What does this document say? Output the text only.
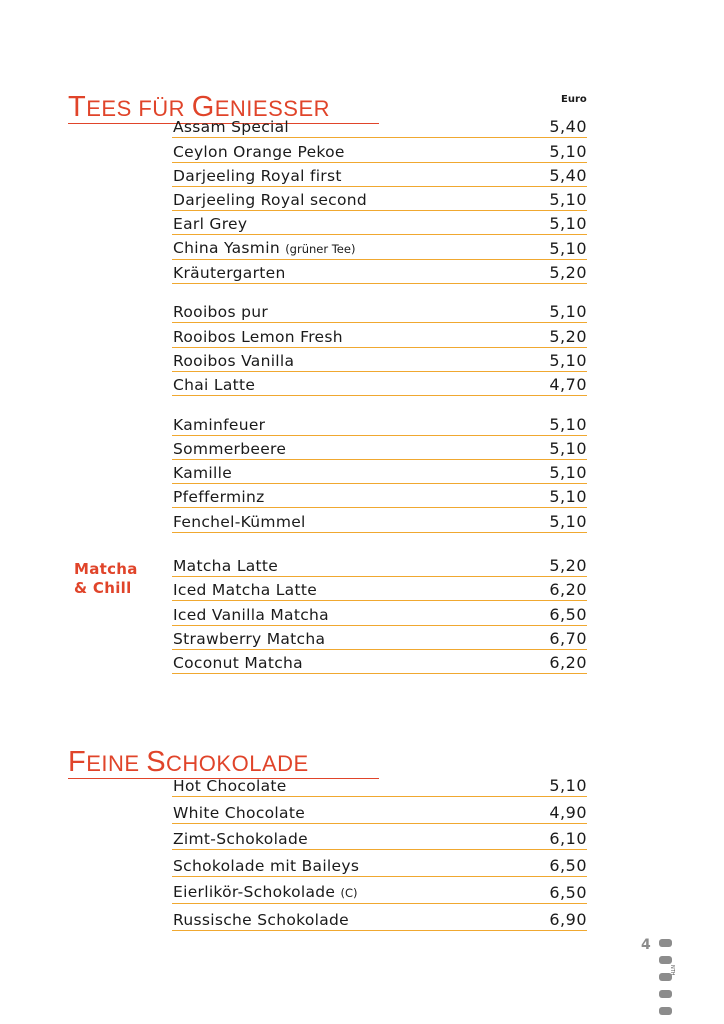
TEES FÜR GENIESSER	Euro
Matcha
& Chill
Assam Special	5,40
Ceylon Orange Pekoe	5,10
Darjeeling Royal first	5,40
Darjeeling Royal second	5,10
Earl Grey	5,10
China Yasmin (grüner Tee)	5,10
Kräutergarten	5,20
Rooibos pur	5,10
Rooibos Lemon Fresh	5,20
Rooibos Vanilla	5,10
Chai Latte	4,70
Kaminfeuer	5,10
Sommerbeere	5,10
Kamille	5,10
Pfefferminz	5,10
Fenchel-Kümmel	5,10
Matcha Latte	5,20
Iced Matcha Latte	6,20
Iced Vanilla Matcha	6,50
Strawberry Matcha	6,70
Coconut Matcha	6,20
FEINE SCHOKOLADE
Hot Chocolate	5,10
White Chocolate	4,90
Zimt-Schokolade	6,10
Schokolade mit Baileys	6,50
Eierlikör-Schokolade (C)	6,50
Russische Schokolade	6,90
4
NTH
